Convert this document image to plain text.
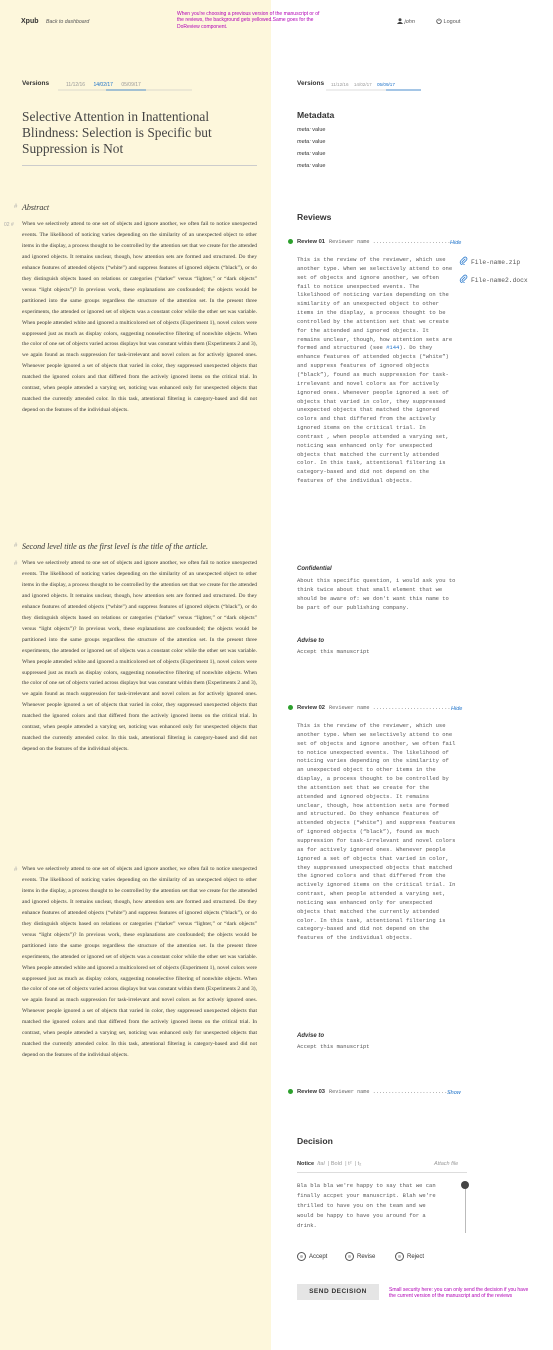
Xpub Back to dashboard
When you're choosing a previous version of the manuscript or of the reviews, the background gets yellowed.Same goes for the DoReview component.
john	Logout
Versions	11/12/16 14/02/17 05/09/17
Selective Attention in Inattentional Blindness: Selection is Specific but Suppression is Not
# Abstract
02 # When we selectively attend to one set of objects and ignore another, we often fail to notice unexpected events. The likelihood of noticing varies depending on the similarity of an unexpected object to other items in the display, a process thought to be controlled by the attention set that we create for the attended and ignored objects. It remains unclear, though, how attention sets are formed and structured. Do they enhance features of attended objects (“white”) and suppress features of ignored objects (“black”), or do they distinguish objects based on relations or categories (“darker” versus “lighter,” or “dark objects” versus “light objects”)? In previous work, these explanations are confounded; the objects would be partitioned into the same groups regardless the structure of the attention set. In the present three experiments, the attended or ignored set of objects was a constant color while the other set was variable. When people attended white and ignored a multicolored set of objects (Experiment 1), novel colors were suppressed just as much as display colors, suggesting nonselective filtering of nonwhite objects. When the color of one set of objects varied across displays but was constant within them (Experiments 2 and 3), we again found as much suppression for task-irrelevant and novel colors as for actively ignored ones. Whenever people ignored a set of objects that varied in color, they suppressed unexpected objects that matched the ignored colors and that differed from the actively ignored items on the critical trial. In contrast, when people attended a varying set, noticing was enhanced only for unexpected objects that matched the currently attended color. In this task, attentional filtering is category-based and did not depend on the features of the individual objects.
# Second level title as the first level is the title of the article.
# When we selectively attend to one set of objects and ignore another, we often fail to notice unexpected events. The likelihood of noticing varies depending on the similarity of an unexpected object to other items in the display, a process thought to be controlled by the attention set that we create for the attended and ignored objects. It remains unclear, though, how attention sets are formed and structured. Do they enhance features of attended objects (“white”) and suppress features of ignored objects (“black”), or do they distinguish objects based on relations or categories (“darker” versus “lighter,” or “dark objects” versus “light objects”)? In previous work, these explanations are confounded; the objects would be partitioned into the same groups regardless the structure of the attention set. In the present three experiments, the attended or ignored set of objects was a constant color while the other set was variable. When people attended white and ignored a multicolored set of objects (Experiment 1), novel colors were suppressed just as much as display colors, suggesting nonselective filtering of nonwhite objects. When the color of one set of objects varied across displays but was constant within them (Experiments 2 and 3), we again found as much suppression for task-irrelevant and novel colors as for actively ignored ones. Whenever people ignored a set of objects that varied in color, they suppressed unexpected objects that matched the ignored colors and that differed from the actively ignored items on the critical trial. In contrast, when people attended a varying set, noticing was enhanced only for unexpected objects that matched the currently attended color. In this task, attentional filtering is category-based and did not depend on the features of the individual objects.
# When we selectively attend to one set of objects and ignore another, we often fail to notice unexpected events. The likelihood of noticing varies depending on the similarity of an unexpected object to other items in the display, a process thought to be controlled by the attention set that we create for the attended and ignored objects. It remains unclear, though, how attention sets are formed and structured. Do they enhance features of attended objects (“white”) and suppress features of ignored objects (“black”), or do they distinguish objects based on relations or categories (“darker” versus “lighter,” or “dark objects” versus “light objects”)? In previous work, these explanations are confounded; the objects would be partitioned into the same groups regardless the structure of the attention set. In the present three experiments, the attended or ignored set of objects was a constant color while the other set was variable. When people attended white and ignored a multicolored set of objects (Experiment 1), novel colors were suppressed just as much as display colors, suggesting nonselective filtering of nonwhite objects. When the color of one set of objects varied across displays but was constant within them (Experiments 2 and 3), we again found as much suppression for task-irrelevant and novel colors as for actively ignored ones. Whenever people ignored a set of objects that varied in color, they suppressed unexpected objects that matched the ignored colors and that differed from the actively ignored items on the critical trial. In contrast, when people attended a varying set, noticing was enhanced only for unexpected objects that matched the currently attended color. In this task, attentional filtering is category-based and did not depend on the features of the individual objects.
Versions 11/12/16 14/02/17 05/09/17
Metadata
meta: value
meta: value
meta: value
meta: value
Reviews
Review 01 Reviewer name ......................... Hide
This is the review of the reviewer, which use another type. When we selectively attend to one set of objects and ignore another, we often fail to notice unexpected events. The likelihood of noticing varies depending on the similarity of an unexpected object to other items in the display, a process thought to be controlled by the attention set that we create for the attended and ignored objects. It remains unclear, though, how attention sets are formed and structured (see #144). Do they enhance features of attended objects (“white”) and suppress features of ignored objects (“black”), found as much suppression for task-irrelevant and novel colors as for actively ignored ones. Whenever people ignored a set of objects that varied in color, they suppressed unexpected objects that matched the ignored colors and that differed from the actively ignored items on the critical trial. In contrast , when people attended a varying set, noticing was enhanced only for unexpected objects that matched the currently attended color. In this task, attentional filtering is category-based and did not depend on the features of the individual objects.
File-name.zip
File-name2.docx
Confidential
About this specific question, i would ask you to think twice about that small element that we should be aware of: we don't want this name to be part of our publishing company.
Advise to
Accept this manuscript
Review 02 Reviewer name ......................... Hide
This is the review of the reviewer, which use another type. When we selectively attend to one set of objects and ignore another, we often fail to notice unexpected events. The likelihood of noticing varies depending on the similarity of an unexpected object to other items in the display, a process thought to be controlled by the attention set that we create for the attended and ignored objects. It remains unclear, though, how attention sets are formed and structured. Do they enhance features of attended objects (“white”) and suppress features of ignored objects (“black”), found as much suppression for task-irrelevant and novel colors as for actively ignored ones. Whenever people ignored a set of objects that varied in color, they suppressed unexpected objects that matched the ignored colors and that differed from the actively ignored items on the critical trial. In contrast, when people attended a varying set, noticing was enhanced only for unexpected objects that matched the currently attended color. In this task, attentional filtering is category-based and did not depend on the features of the individual objects.
Advise to
Accept this manuscript
Review 03 Reviewer name .........................
Show
Decision
Notice Ital  | Bold  | t²  | t₂	Attach file
Bla bla bla we're happy to say that we can finally accpet your manuscript. Blah we're thrilled to have you on the team and we would be happy to have you around for a drink.
Accept	Revise	Reject
SEND DECISION	Small security here: you can only send the decision if you have the current version of the manuscript and of the reviews
